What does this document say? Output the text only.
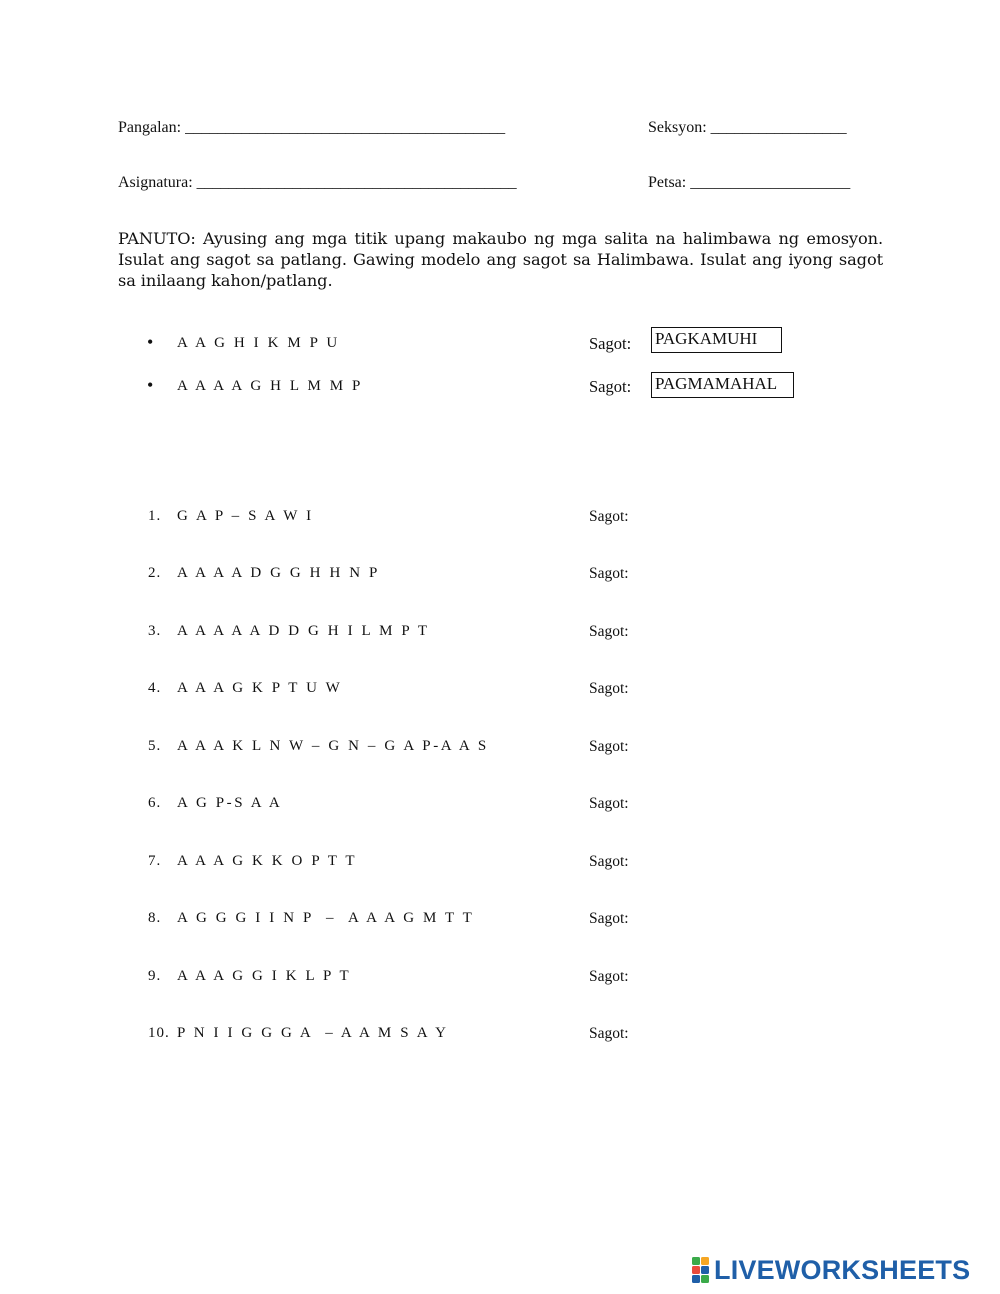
Pangalan: ________________________________________	Seksyon: _________________
Asignatura: ________________________________________	Petsa: ____________________
PANUTO: Ayusing ang mga titik upang makaubo ng mga salita na halimbawa ng emosyon. Isulat ang sagot sa patlang. Gawing modelo ang sagot sa Halimbawa. Isulat ang iyong sagot sa inilaang kahon/patlang.
• A A G H I K M P U	Sagot: PAGKAMUHI
• A A A A G H L M M P	Sagot: PAGMAMAHAL
1. G A P – S A W I	Sagot:
2. A A A A D G G H H N P	Sagot:
3. A A A A A D D G H I L M P T	Sagot:
4. A A A G K P T U W	Sagot:
5. A A A K L N W – G N – G A P-A A S	Sagot:
6. A G P-S A A	Sagot:
7. A A A G K K O P T T	Sagot:
8. A G G G I I N P  –  A A A G M T T	Sagot:
9. A A A G G I K L P T	Sagot:
10. P N I I G G G A  – A A M S A Y	Sagot:
LIVEWORKSHEETS
